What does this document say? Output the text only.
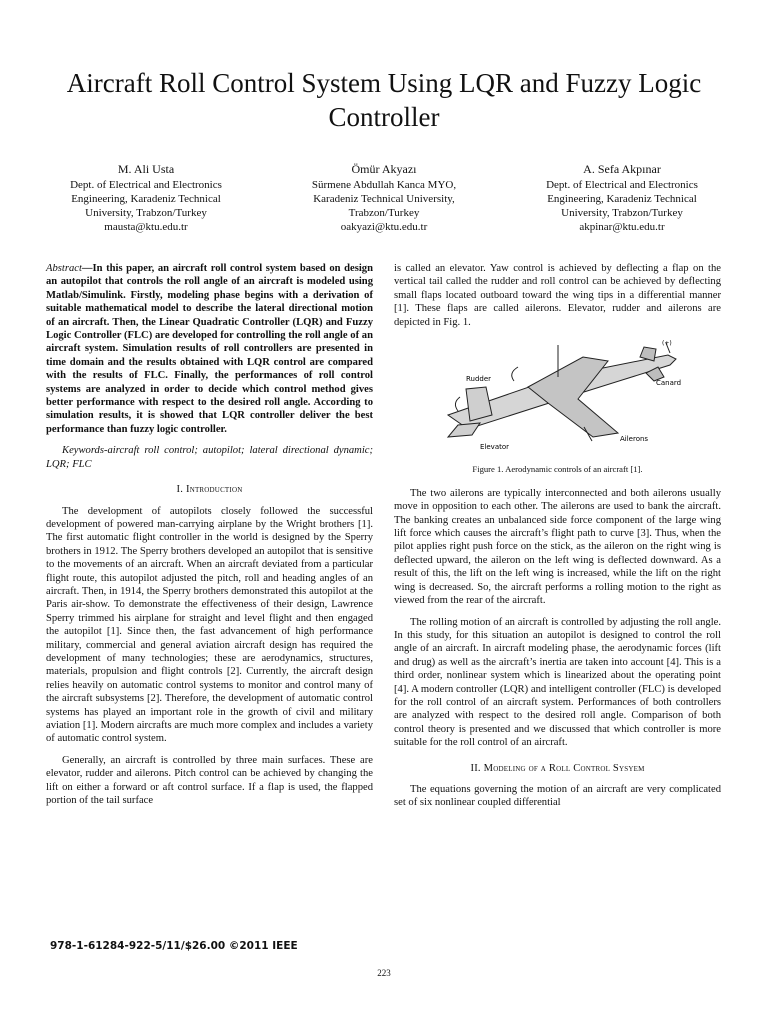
Aircraft Roll Control System Using LQR and Fuzzy Logic Controller
M. Ali Usta
Dept. of Electrical and Electronics
Engineering, Karadeniz Technical
University, Trabzon/Turkey
mausta@ktu.edu.tr
Ömür Akyazı
Sürmene Abdullah Kanca MYO,
Karadeniz Technical University,
Trabzon/Turkey
oakyazi@ktu.edu.tr
A. Sefa Akpınar
Dept. of Electrical and Electronics
Engineering, Karadeniz Technical
University, Trabzon/Turkey
akpinar@ktu.edu.tr

Abstract—In this paper, an aircraft roll control system based on design an autopilot that controls the roll angle of an aircraft is modeled using Matlab/Simulink. Firstly, modeling phase begins with a derivation of suitable mathematical model to describe the lateral directional motion of an aircraft. Then, the Linear Quadratic Controller (LQR) and Fuzzy Logic Controller (FLC) are developed for controlling the roll angle of an aircraft system. Simulation results of roll controllers are presented in time domain and the results obtained with LQR control are compared with the results of FLC. Finally, the performances of roll control systems are analyzed in order to decide which control method gives better performance with respect to the desired roll angle. According to simulation results, it is showed that LQR controller deliver the best performance than fuzzy logic controller.

Keywords-aircraft roll control; autopilot; lateral directional dynamic; LQR; FLC

I. Introduction

The development of autopilots closely followed the successful development of powered man-carrying airplane by the Wright brothers [1]. The first automatic flight controller in the world is designed by the Sperry brothers in 1912. The Sperry brothers developed an autopilot that is sensitive to the movements of an aircraft. When an aircraft deviated from a particular flight route, this autopilot adjusted the pitch, roll and heading angles of an aircraft. Then, in 1914, the Sperry brothers demonstrated this autopilot at the Paris air-show. To demonstrate the effectiveness of their design, Lawrence Sperry trimmed his airplane for straight and level flight and then engaged the autopilot [1]. Since then, the fast advancement of high performance military, commercial and general aviation aircraft design has required the development of many technologies; these are aerodynamics, structures, materials, propulsion and flight controls [2]. Currently, the aircraft design relies heavily on automatic control systems to monitor and control many of the aircraft subsystems [2]. Therefore, the development of automatic control systems has played an important role in the growth of civil and military aviation [1]. Modern aircrafts are much more complex and includes a variety of automatic control system.

Generally, an aircraft is controlled by three main surfaces. These are elevator, rudder and ailerons. Pitch control can be achieved by changing the lift on either a forward or aft control surface. If a flap is used, the flapped portion of the tail surface

is called an elevator. Yaw control is achieved by deflecting a flap on the vertical tail called the rudder and roll control can be achieved by deflecting small flaps located outboard toward the wing tips in a differential manner [1]. These flaps are called ailerons. Elevator, rudder and ailerons are depicted in Fig. 1.

Canard
Rudder
Ailerons
Elevator
(+)
Figure 1. Aerodynamic controls of an aircraft [1].

The two ailerons are typically interconnected and both ailerons usually move in opposition to each other. The ailerons are used to bank the aircraft. The banking creates an unbalanced side force component of the large wing lift force which causes the aircraft’s flight path to curve [3]. Thus, when the pilot applies right push force on the stick, as the aileron on the right wing is deflected upward, the aileron on the left wing is deflected downward. As a result of this, the lift on the left wing is increased, while the lift on the right wing is decreased. So, the aircraft performs a rolling motion to the right as viewed from the rear of the aircraft.

The rolling motion of an aircraft is controlled by adjusting the roll angle. In this study, for this situation an autopilot is designed to control the roll angle of an aircraft. In aircraft modeling phase, the aerodynamic forces (lift and drug) as well as the aircraft’s inertia are taken into account [4]. This is a third order, nonlinear system which is linearized about the operating point [4]. A modern controller (LQR) and intelligent controller (FLC) is developed for the roll control of an aircraft system. Performances of both controllers are analyzed with respect to the desired roll angle. Comparison of both control theory is presented and we discussed that which controller is more suitable for the roll control of an aircraft.

II. Modeling of a Roll Control Sysyem

The equations governing the motion of an aircraft are very complicated set of six nonlinear coupled differential

978-1-61284-922-5/11/$26.00 ©2011 IEEE
223
